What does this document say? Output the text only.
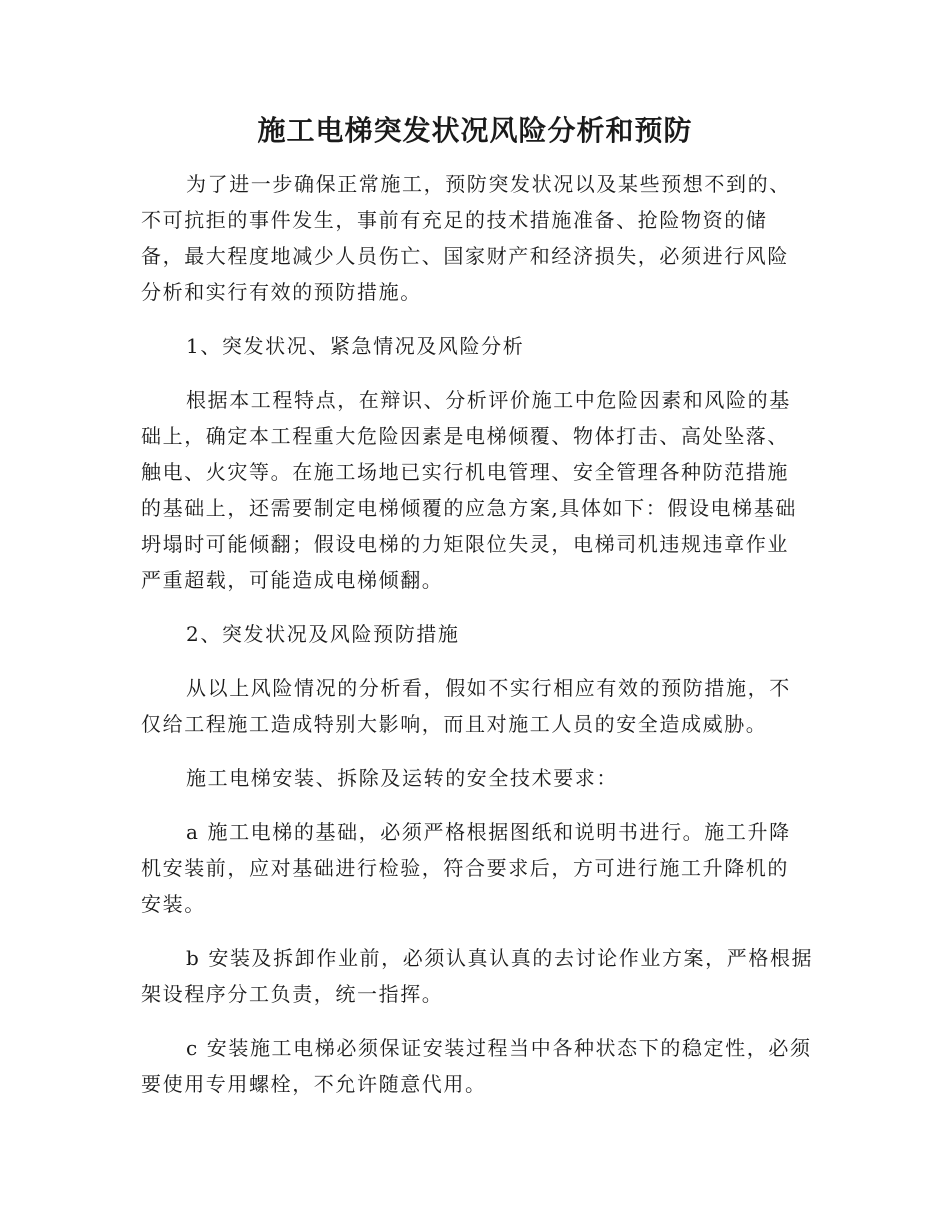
施工电梯突发状况风险分析和预防
为了进一步确保正常施工，预防突发状况以及某些预想不到的、
不可抗拒的事件发生，事前有充足的技术措施准备、抢险物资的储
备，最大程度地减少人员伤亡、国家财产和经济损失，必须进行风险
分析和实行有效的预防措施。
1、突发状况、紧急情况及风险分析
根据本工程特点，在辩识、分析评价施工中危险因素和风险的基
础上，确定本工程重大危险因素是电梯倾覆、物体打击、高处坠落、
触电、火灾等。在施工场地已实行机电管理、安全管理各种防范措施
的基础上，还需要制定电梯倾覆的应急方案,具体如下：假设电梯基础
坍塌时可能倾翻；假设电梯的力矩限位失灵，电梯司机违规违章作业
严重超载，可能造成电梯倾翻。
2、突发状况及风险预防措施
从以上风险情况的分析看，假如不实行相应有效的预防措施，不
仅给工程施工造成特别大影响，而且对施工人员的安全造成威胁。
施工电梯安装、拆除及运转的安全技术要求：
a 施工电梯的基础，必须严格根据图纸和说明书进行。施工升降
机安装前，应对基础进行检验，符合要求后，方可进行施工升降机的
安装。
b 安装及拆卸作业前，必须认真认真的去讨论作业方案，严格根据
架设程序分工负责，统一指挥。
c 安装施工电梯必须保证安装过程当中各种状态下的稳定性，必须
要使用专用螺栓，不允许随意代用。
